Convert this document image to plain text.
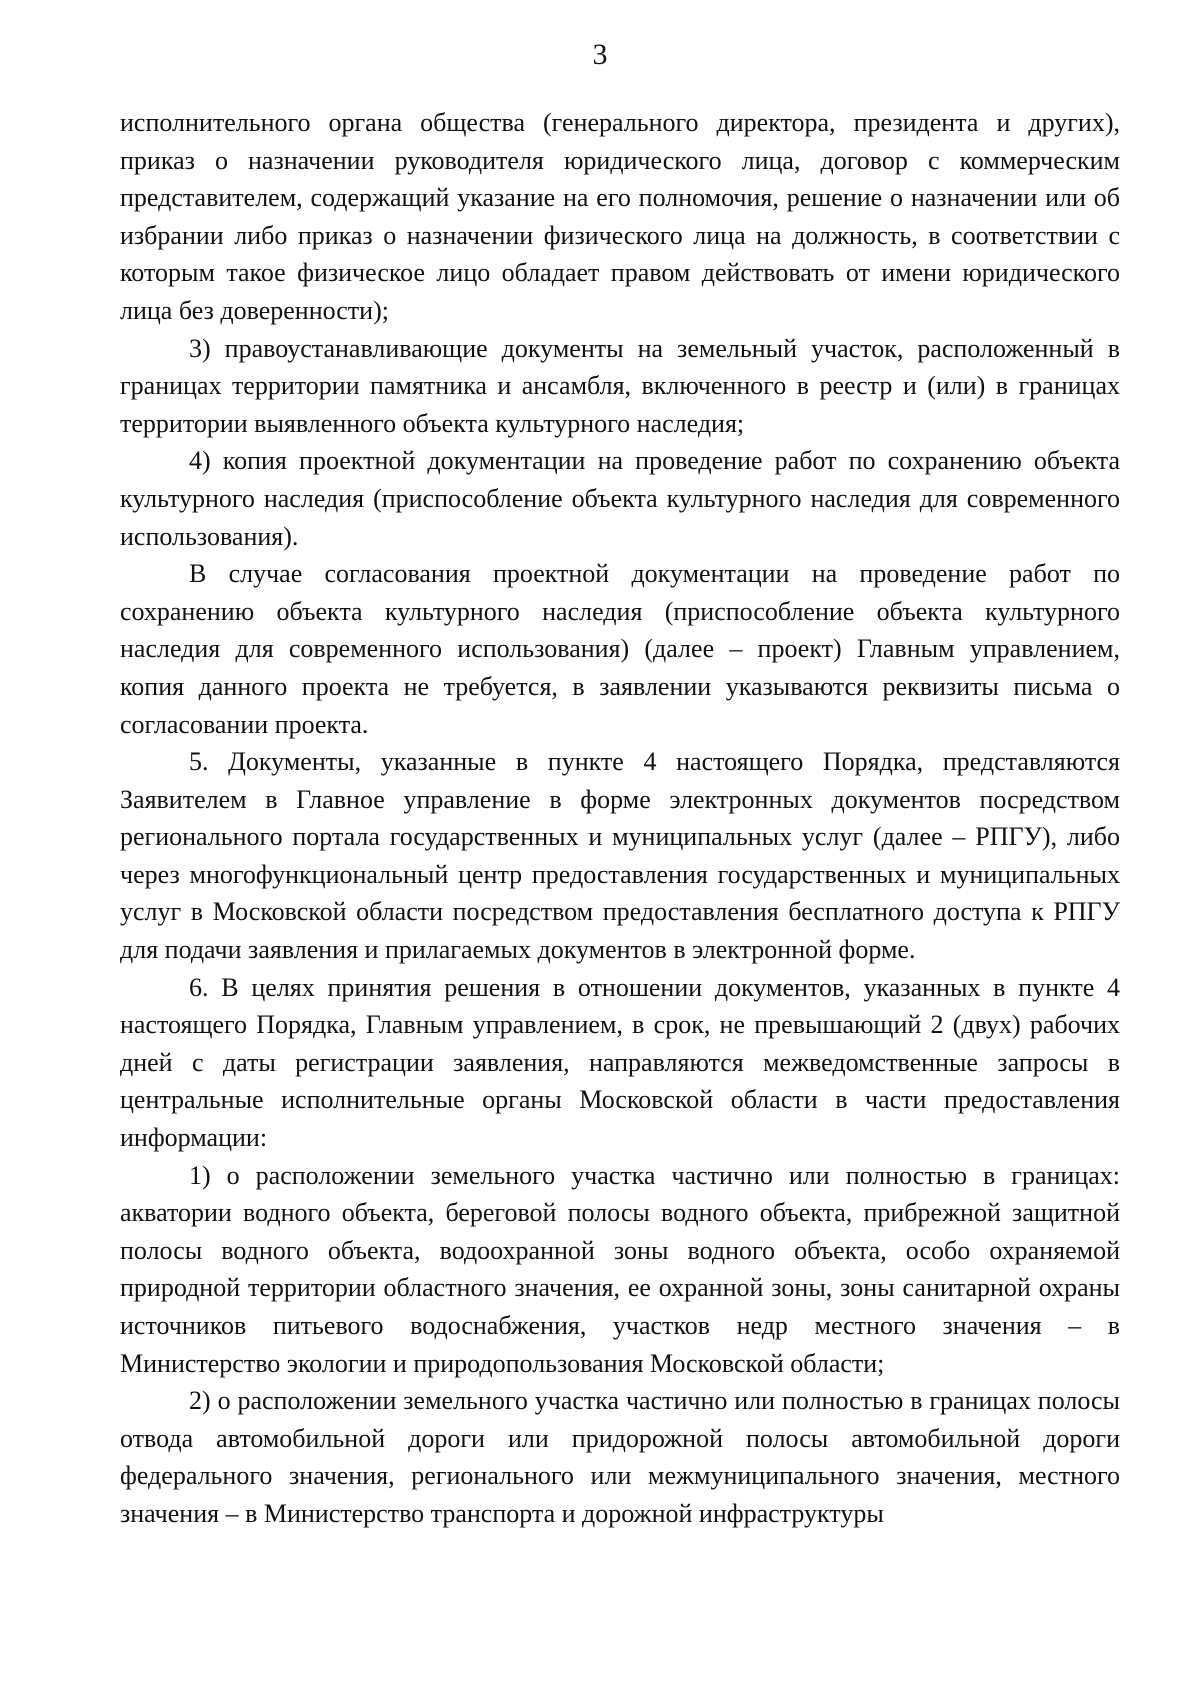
3

исполнительного органа общества (генерального директора, президента и других), приказ о назначении руководителя юридического лица, договор с коммерческим представителем, содержащий указание на его полномочия, решение о назначении или об избрании либо приказ о назначении физического лица на должность, в соответствии с которым такое физическое лицо обладает правом действовать от имени юридического лица без доверенности);

3) правоустанавливающие документы на земельный участок, расположенный в границах территории памятника и ансамбля, включенного в реестр и (или) в границах территории выявленного объекта культурного наследия;

4) копия проектной документации на проведение работ по сохранению объекта культурного наследия (приспособление объекта культурного наследия для современного использования).

В случае согласования проектной документации на проведение работ по сохранению объекта культурного наследия (приспособление объекта культурного наследия для современного использования) (далее – проект) Главным управлением, копия данного проекта не требуется, в заявлении указываются реквизиты письма о согласовании проекта.

5. Документы, указанные в пункте 4 настоящего Порядка, представляются Заявителем в Главное управление в форме электронных документов посредством регионального портала государственных и муниципальных услуг (далее – РПГУ), либо через многофункциональный центр предоставления государственных и муниципальных услуг в Московской области посредством предоставления бесплатного доступа к РПГУ для подачи заявления и прилагаемых документов в электронной форме.

6. В целях принятия решения в отношении документов, указанных в пункте 4 настоящего Порядка, Главным управлением, в срок, не превышающий 2 (двух) рабочих дней с даты регистрации заявления, направляются межведомственные запросы в центральные исполнительные органы Московской области в части предоставления информации:

1) о расположении земельного участка частично или полностью в границах: акватории водного объекта, береговой полосы водного объекта, прибрежной защитной полосы водного объекта, водоохранной зоны водного объекта, особо охраняемой природной территории областного значения, ее охранной зоны, зоны санитарной охраны источников питьевого водоснабжения, участков недр местного значения – в Министерство экологии и природопользования Московской области;

2) о расположении земельного участка частично или полностью в границах полосы отвода автомобильной дороги или придорожной полосы автомобильной дороги федерального значения, регионального или межмуниципального значения, местного значения – в Министерство транспорта и дорожной инфраструктуры
